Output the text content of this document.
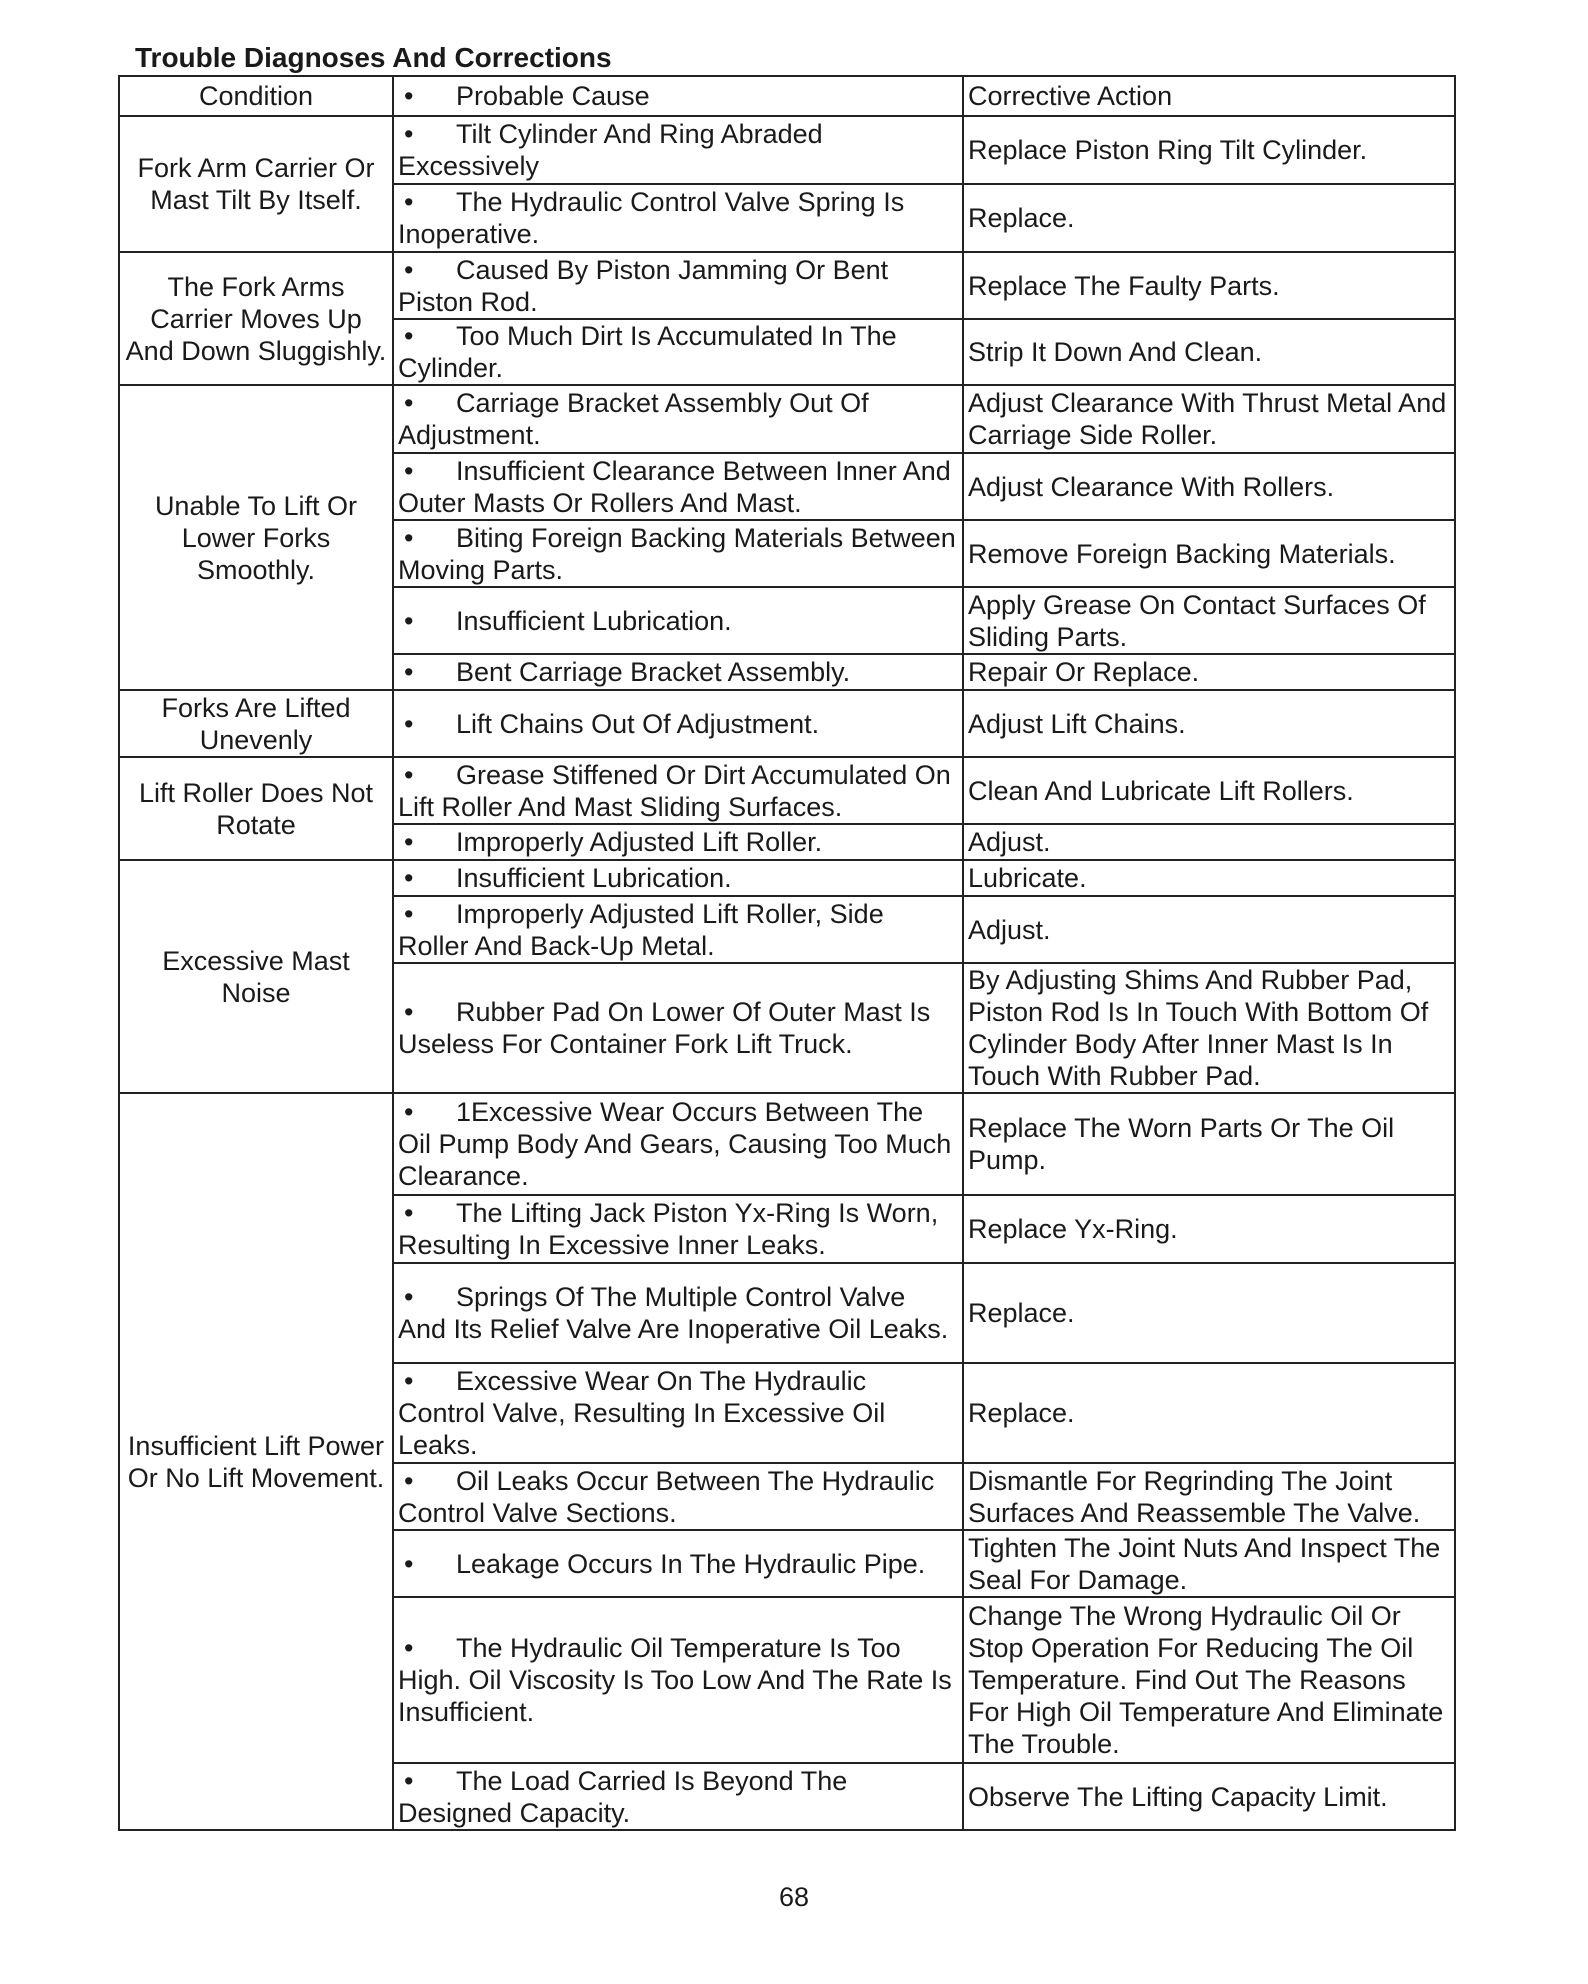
Trouble Diagnoses And Corrections
Condition	• Probable Cause	Corrective Action
Fork Arm Carrier Or Mast Tilt By Itself.	• Tilt Cylinder And Ring Abraded Excessively	Replace Piston Ring Tilt Cylinder.
	• The Hydraulic Control Valve Spring Is Inoperative.	Replace.
The Fork Arms Carrier Moves Up And Down Sluggishly.	• Caused By Piston Jamming Or Bent Piston Rod.	Replace The Faulty Parts.
	• Too Much Dirt Is Accumulated In The Cylinder.	Strip It Down And Clean.
Unable To Lift Or Lower Forks Smoothly.	• Carriage Bracket Assembly Out Of Adjustment.	Adjust Clearance With Thrust Metal And Carriage Side Roller.
	• Insufficient Clearance Between Inner And Outer Masts Or Rollers And Mast.	Adjust Clearance With Rollers.
	• Biting Foreign Backing Materials Between Moving Parts.	Remove Foreign Backing Materials.
	• Insufficient Lubrication.	Apply Grease On Contact Surfaces Of Sliding Parts.
	• Bent Carriage Bracket Assembly.	Repair Or Replace.
Forks Are Lifted Unevenly	• Lift Chains Out Of Adjustment.	Adjust Lift Chains.
Lift Roller Does Not Rotate	• Grease Stiffened Or Dirt Accumulated On Lift Roller And Mast Sliding Surfaces.	Clean And Lubricate Lift Rollers.
	• Improperly Adjusted Lift Roller.	Adjust.
Excessive Mast Noise	• Insufficient Lubrication.	Lubricate.
	• Improperly Adjusted Lift Roller, Side Roller And Back-Up Metal.	Adjust.
	• Rubber Pad On Lower Of Outer Mast Is Useless For Container Fork Lift Truck.	By Adjusting Shims And Rubber Pad, Piston Rod Is In Touch With Bottom Of Cylinder Body After Inner Mast Is In Touch With Rubber Pad.
Insufficient Lift Power Or No Lift Movement.	• 1Excessive Wear Occurs Between The Oil Pump Body And Gears, Causing Too Much Clearance.	Replace The Worn Parts Or The Oil Pump.
	• The Lifting Jack Piston Yx-Ring Is Worn, Resulting In Excessive Inner Leaks.	Replace Yx-Ring.
	• Springs Of The Multiple Control Valve And Its Relief Valve Are Inoperative Oil Leaks.	Replace.
	• Excessive Wear On The Hydraulic Control Valve, Resulting In Excessive Oil Leaks.	Replace.
	• Oil Leaks Occur Between The Hydraulic Control Valve Sections.	Dismantle For Regrinding The Joint Surfaces And Reassemble The Valve.
	• Leakage Occurs In The Hydraulic Pipe.	Tighten The Joint Nuts And Inspect The Seal For Damage.
	• The Hydraulic Oil Temperature Is Too High. Oil Viscosity Is Too Low And The Rate Is Insufficient.	Change The Wrong Hydraulic Oil Or Stop Operation For Reducing The Oil Temperature. Find Out The Reasons For High Oil Temperature And Eliminate The Trouble.
	• The Load Carried Is Beyond The Designed Capacity.	Observe The Lifting Capacity Limit.
68
